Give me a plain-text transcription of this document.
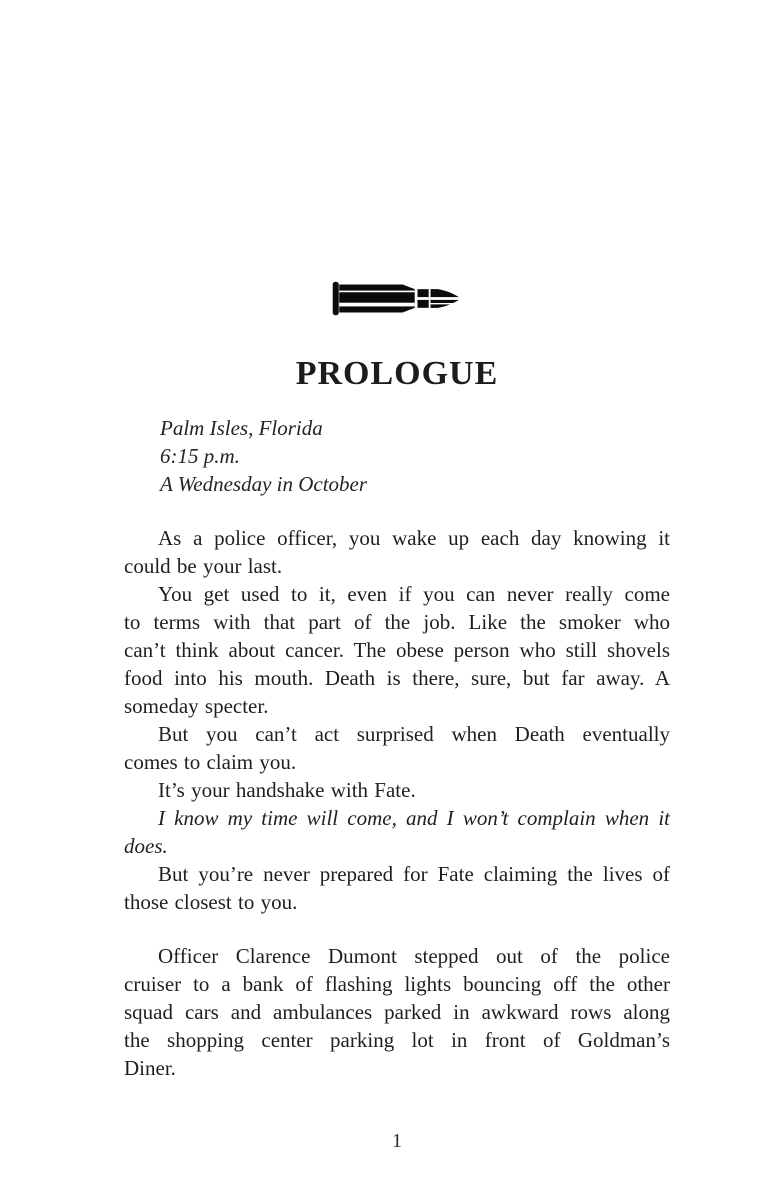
PROLOGUE
Palm Isles, Florida
6:15 p.m.
A Wednesday in October

As a police officer, you wake up each day knowing it
could be your last.

You get used to it, even if you can never really come
to terms with that part of the job. Like the smoker who
can’t think about cancer. The obese person who still shovels
food into his mouth. Death is there, sure, but far away. A
someday specter.

But you can’t act surprised when Death eventually
comes to claim you.

It’s your handshake with Fate.

I know my time will come, and I won’t complain when it does.

But you’re never prepared for Fate claiming the lives of
those closest to you.

Officer Clarence Dumont stepped out of the police
cruiser to a bank of flashing lights bouncing off the other
squad cars and ambulances parked in awkward rows along
the shopping center parking lot in front of Goldman’s
Diner.

1
